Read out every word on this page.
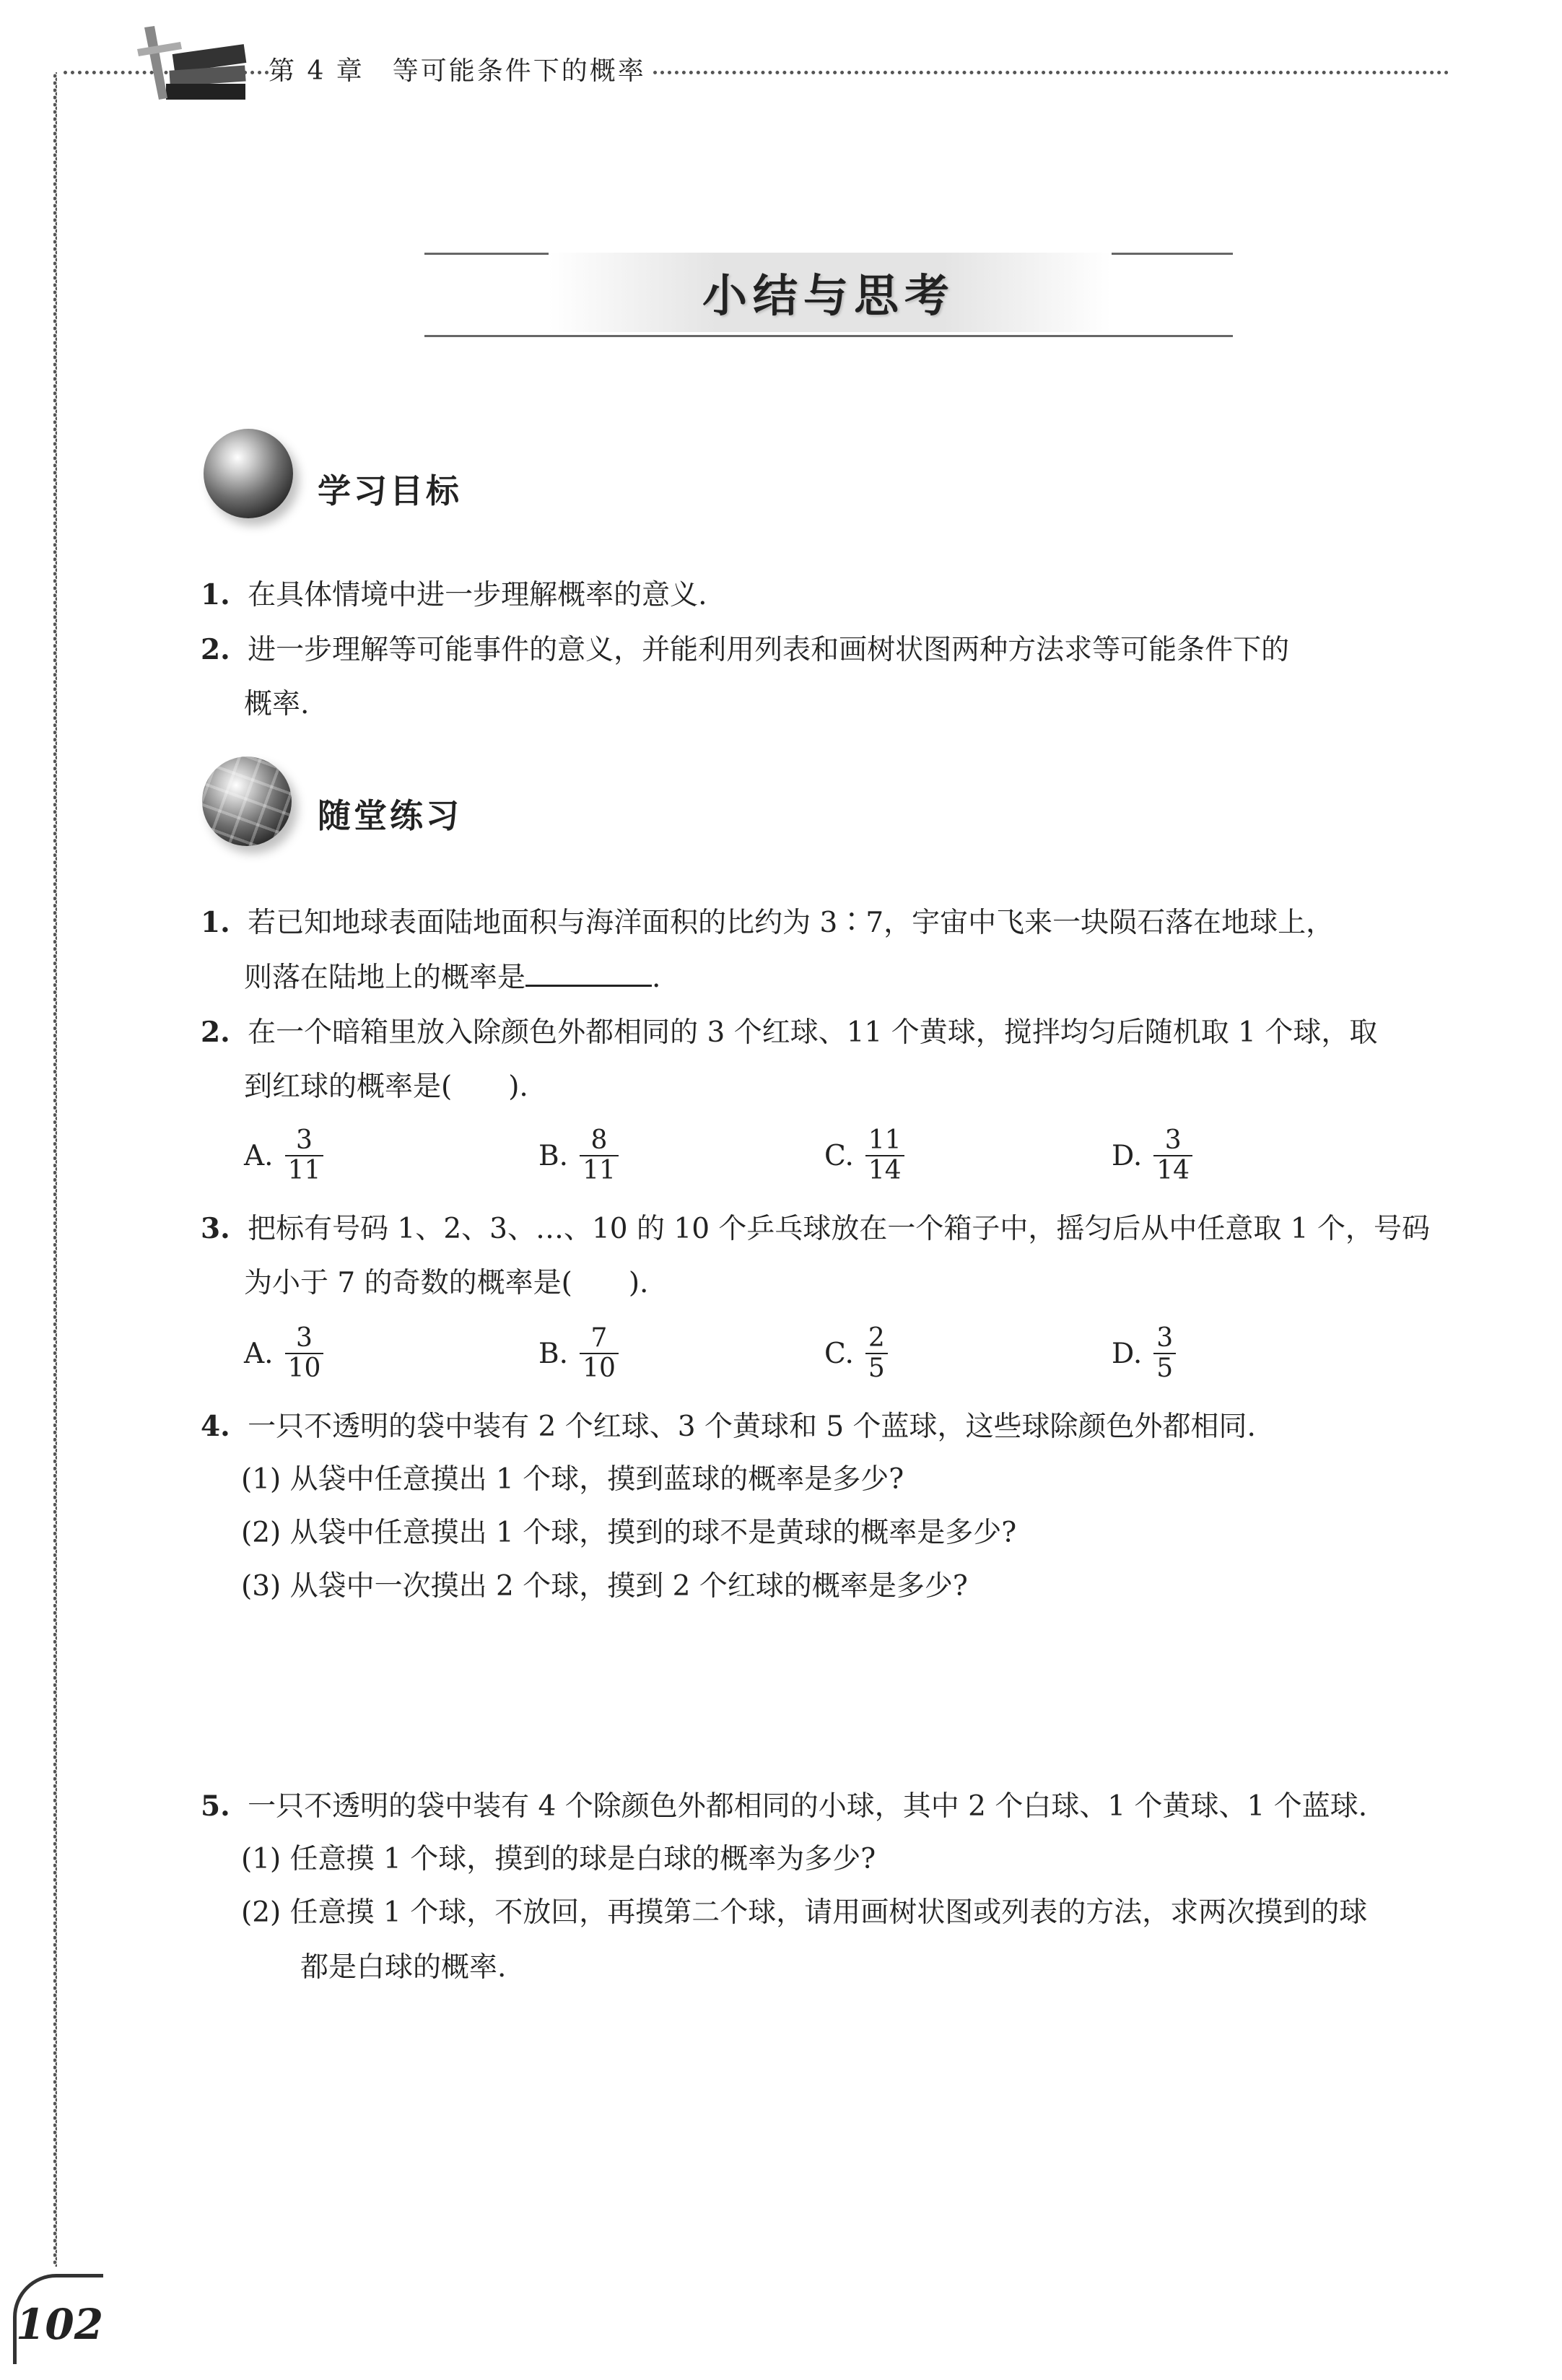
第 4 章　等可能条件下的概率
小结与思考
学习目标
1. 在具体情境中进一步理解概率的意义.
2. 进一步理解等可能事件的意义，并能利用列表和画树状图两种方法求等可能条件下的
概率.
随堂练习
1. 若已知地球表面陆地面积与海洋面积的比约为 3∶7，宇宙中飞来一块陨石落在地球上，
则落在陆地上的概率是	.
2. 在一个暗箱里放入除颜色外都相同的 3 个红球、11 个黄球，搅拌均匀后随机取 1 个球，取
到红球的概率是(　　).
A. $\frac{3}{11}$	B. $\frac{8}{11}$	C. $\frac{11}{14}$	D. $\frac{3}{14}$
3. 把标有号码 1、2、3、…、10 的 10 个乒乓球放在一个箱子中，摇匀后从中任意取 1 个，号码
为小于 7 的奇数的概率是(　　).
A. $\frac{3}{10}$	B. $\frac{7}{10}$	C. $\frac{2}{5}$	D. $\frac{3}{5}$
4. 一只不透明的袋中装有 2 个红球、3 个黄球和 5 个蓝球，这些球除颜色外都相同.
(1) 从袋中任意摸出 1 个球，摸到蓝球的概率是多少?
(2) 从袋中任意摸出 1 个球，摸到的球不是黄球的概率是多少?
(3) 从袋中一次摸出 2 个球，摸到 2 个红球的概率是多少?
5. 一只不透明的袋中装有 4 个除颜色外都相同的小球，其中 2 个白球、1 个黄球、1 个蓝球.
(1) 任意摸 1 个球，摸到的球是白球的概率为多少?
(2) 任意摸 1 个球，不放回，再摸第二个球，请用画树状图或列表的方法，求两次摸到的球
都是白球的概率.
102
